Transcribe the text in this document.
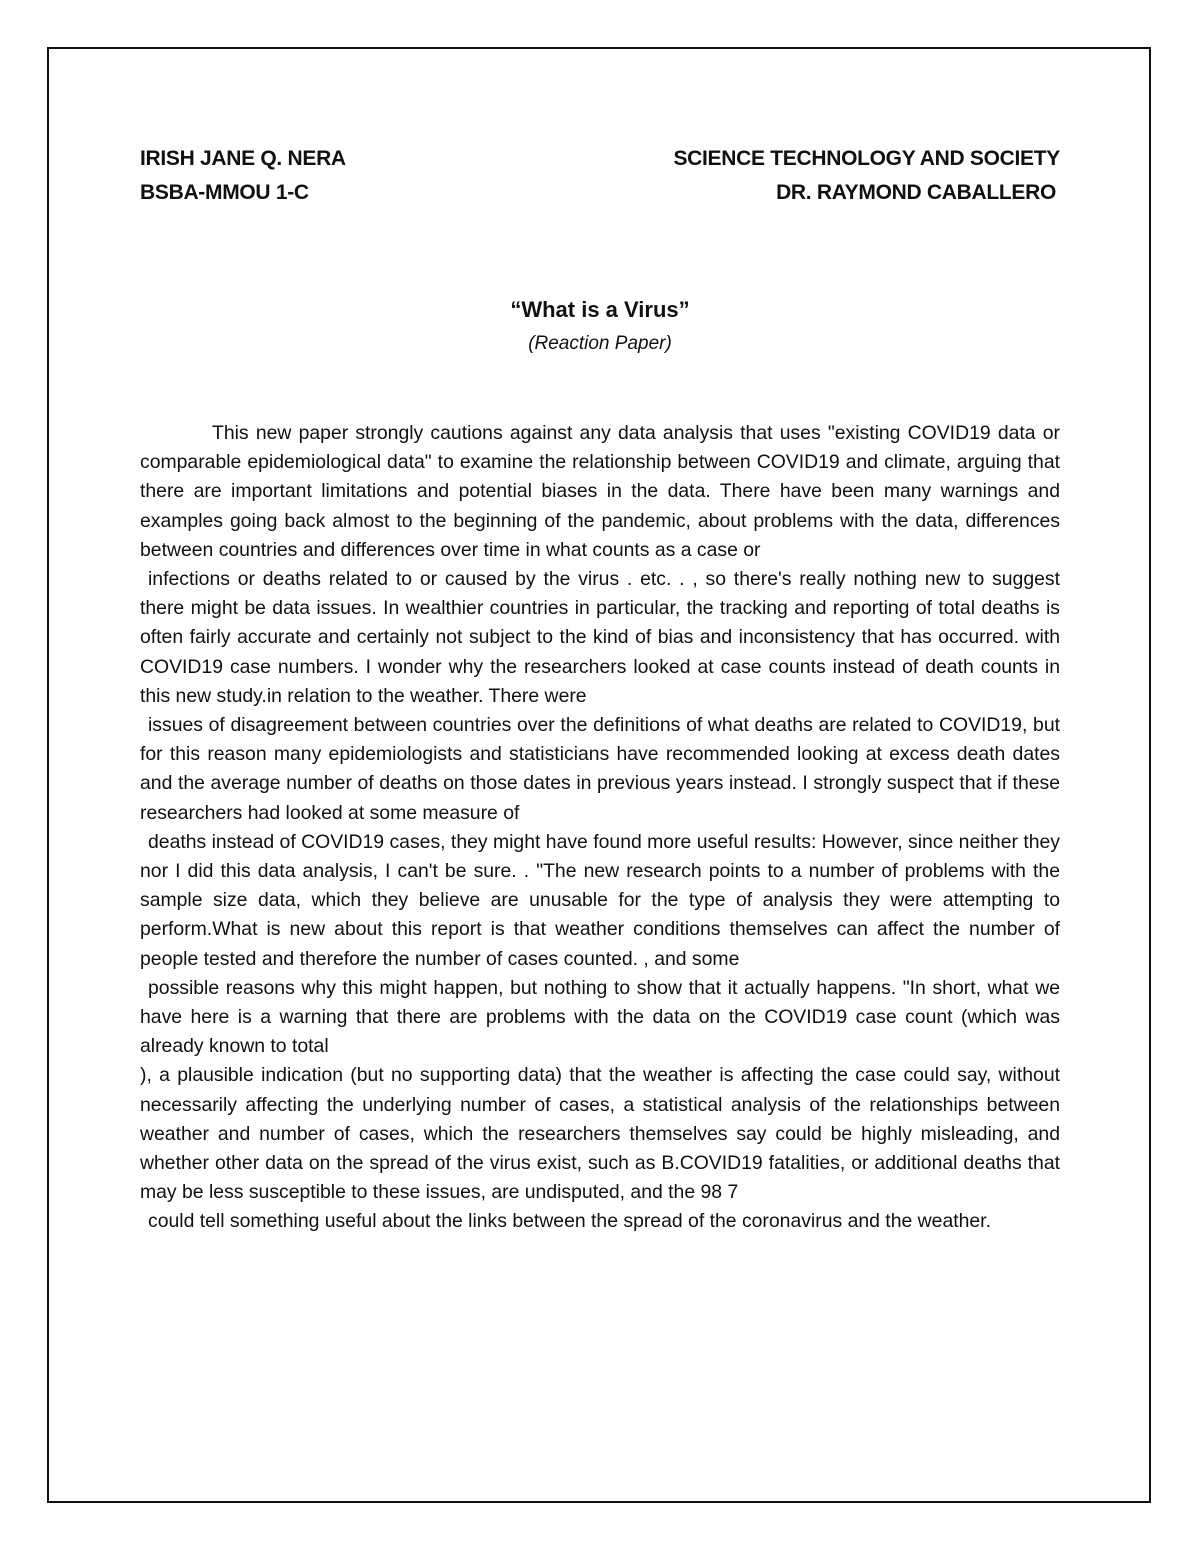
IRISH JANE Q. NERA	SCIENCE TECHNOLOGY AND SOCIETY
BSBA-MMOU 1-C	DR. RAYMOND CABALLERO
“What is a Virus”
(Reaction Paper)

This new paper strongly cautions against any data analysis that uses "existing COVID19 data or comparable epidemiological data" to examine the relationship between COVID19 and climate, arguing that there are important limitations and potential biases in the data. There have been many warnings and examples going back almost to the beginning of the pandemic, about problems with the data, differences between countries and differences over time in what counts as a case or

infections or deaths related to or caused by the virus . etc. . , so there's really nothing new to suggest there might be data issues. In wealthier countries in particular, the tracking and reporting of total deaths is often fairly accurate and certainly not subject to the kind of bias and inconsistency that has occurred. with COVID19 case numbers. I wonder why the researchers looked at case counts instead of death counts in this new study.in relation to the weather. There were

issues of disagreement between countries over the definitions of what deaths are related to COVID19, but for this reason many epidemiologists and statisticians have recommended looking at excess death dates and the average number of deaths on those dates in previous years instead. I strongly suspect that if these researchers had looked at some measure of

deaths instead of COVID19 cases, they might have found more useful results: However, since neither they nor I did this data analysis, I can't be sure. . "The new research points to a number of problems with the sample size data, which they believe are unusable for the type of analysis they were attempting to perform.What is new about this report is that weather conditions themselves can affect the number of people tested and therefore the number of cases counted. , and some

possible reasons why this might happen, but nothing to show that it actually happens. "In short, what we have here is a warning that there are problems with the data on the COVID19 case count (which was already known to total

), a plausible indication (but no supporting data) that the weather is affecting the case could say, without necessarily affecting the underlying number of cases, a statistical analysis of the relationships between weather and number of cases, which the researchers themselves say could be highly misleading, and whether other data on the spread of the virus exist, such as B.COVID19 fatalities, or additional deaths that may be less susceptible to these issues, are undisputed, and the 98 7

could tell something useful about the links between the spread of the coronavirus and the weather.
